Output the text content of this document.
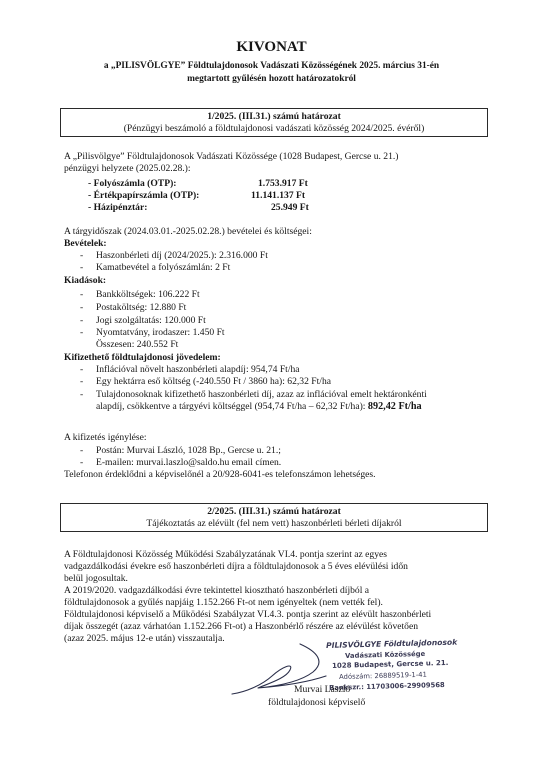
KIVONAT
a „PILISVÖLGYE” Földtulajdonosok Vadászati Közösségének 2025. március 31-én
megtartott gyűlésén hozott határozatokról
1/2025. (III.31.) számú határozat
(Pénzügyi beszámoló a földtulajdonosi vadászati közösség 2024/2025. évéről)
A „Pilisvölgye” Földtulajdonosok Vadászati Közössége (1028 Budapest, Gercse u. 21.)
pénzügyi helyzete (2025.02.28.):
- Folyószámla (OTP):	1.753.917 Ft
- Értékpapírszámla (OTP):	11.141.137 Ft
- Házipénztár:	25.949 Ft
A tárgyidőszak (2024.03.01.-2025.02.28.) bevételei és költségei:
Bevételek:
- Haszonbérleti díj (2024/2025.): 2.316.000 Ft
- Kamatbevétel a folyószámlán: 2 Ft
Kiadások:
- Bankköltségek: 106.222 Ft
- Postaköltség: 12.880 Ft
- Jogi szolgáltatás: 120.000 Ft
- Nyomtatvány, irodaszer: 1.450 Ft
Összesen: 240.552 Ft
Kifizethető földtulajdonosi jövedelem:
- Inflációval növelt haszonbérleti alapdíj: 954,74 Ft/ha
- Egy hektárra eső költség (-240.550 Ft / 3860 ha): 62,32 Ft/ha
- Tulajdonosoknak kifizethető haszonbérleti díj, azaz az inflációval emelt hektáronkénti
alapdíj, csökkentve a tárgyévi költséggel (954,74 Ft/ha – 62,32 Ft/ha): 892,42 Ft/ha
A kifizetés igénylése:
- Postán: Murvai László, 1028 Bp., Gercse u. 21.;
- E-mailen: murvai.laszlo@saldo.hu email címen.
Telefonon érdeklődni a képviselőnél a 20/928-6041-es telefonszámon lehetséges.
2/2025. (III.31.) számú határozat
Tájékoztatás az elévült (fel nem vett) haszonbérleti bérleti díjakról
A Földtulajdonosi Közösség Működési Szabályzatának VI.4. pontja szerint az egyes
vadgazdálkodási évekre eső haszonbérleti díjra a földtulajdonosok a 5 éves elévülési időn
belül jogosultak.
A 2019/2020. vadgazdálkodási évre tekintettel kiosztható haszonbérleti díjból a
földtulajdonosok a gyűlés napjáig 1.152.266 Ft-ot nem igényeltek (nem vették fel).
Földtulajdonosi képviselő a Működési Szabályzat VI.4.3. pontja szerint az elévült haszonbérleti
díjak összegét (azaz várhatóan 1.152.266 Ft-ot) a Haszonbérlő részére az elévülést követően
(azaz 2025. május 12-e után) visszautalja.	PILISVÖLGYE Földtulajdonosok
Vadászati Közössége
1028 Budapest, Gercse u. 21.
Adószám: 26889519-1-41
Bankszr.: 11703006-29909568
Murvai László
földtulajdonosi képviselő
